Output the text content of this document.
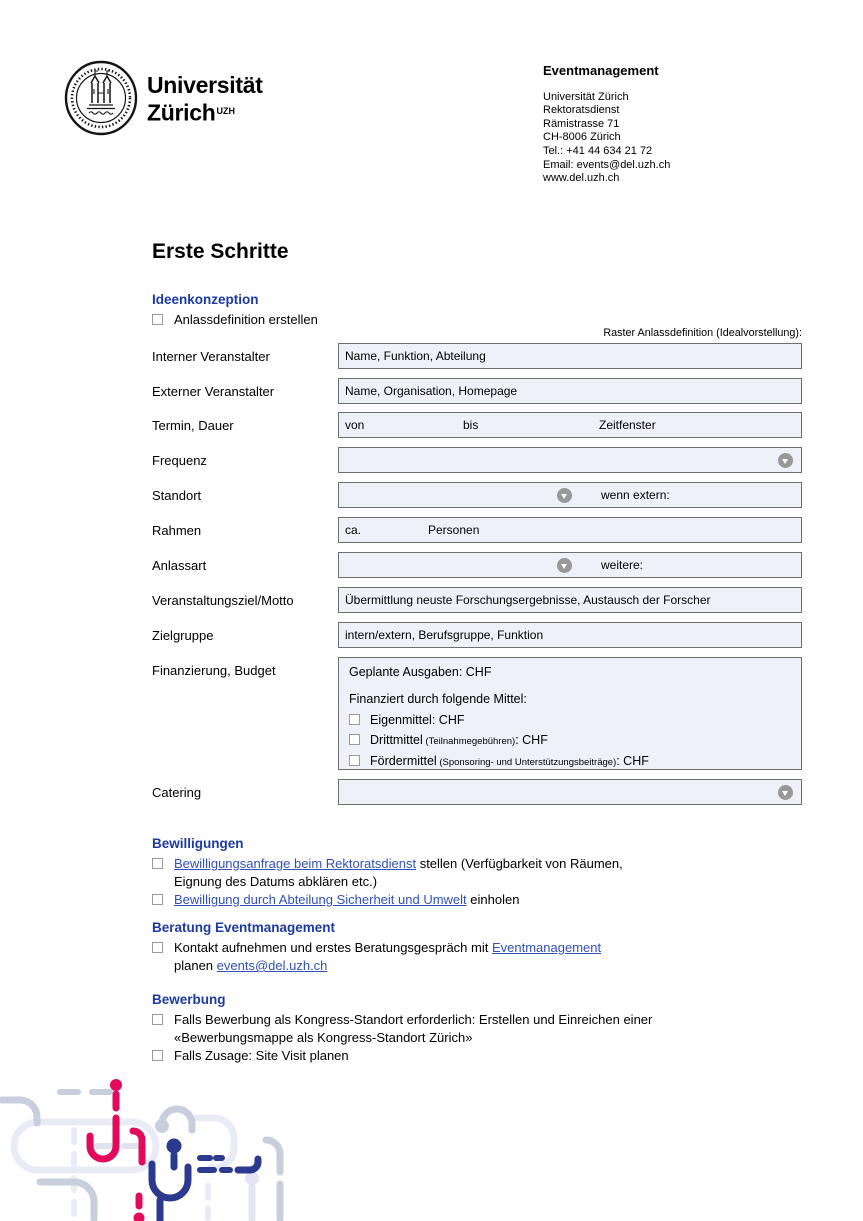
Universität
Zürich$^{UZH}$

Eventmanagement

Universität Zürich
Rektoratsdienst
Rämistrasse 71
CH-8006 Zürich
Tel.: +41 44 634 21 72
Email: events@del.uzh.ch
www.del.uzh.ch
Erste Schritte
Ideenkonzeption
Anlassdefinition erstellen
Raster Anlassdefinition (Idealvorstellung):
Interner Veranstalter	Name, Funktion, Abteilung
Externer Veranstalter	Name, Organisation, Homepage
Termin, Dauer	von	bis	Zeitfenster
Frequenz
Standort	wenn extern:
Rahmen	ca.	Personen
Anlassart	weitere:
Veranstaltungsziel/Motto	Übermittlung neuste Forschungsergebnisse, Austausch der Forscher
Zielgruppe	intern/extern, Berufsgruppe, Funktion
Finanzierung, Budget	Geplante Ausgaben: CHF

Finanziert durch folgende Mittel:

Eigenmittel: CHF
Drittmittel (Teilnahmegebühren): CHF
Fördermittel (Sponsoring- und Unterstützungsbeiträge): CHF
Catering
Bewilligungen
Bewilligungsanfrage beim Rektoratsdienst stellen (Verfügbarkeit von Räumen,
Eignung des Datums abklären etc.)
Bewilligung durch Abteilung Sicherheit und Umwelt einholen
Beratung Eventmanagement
Kontakt aufnehmen und erstes Beratungsgespräch mit Eventmanagement
planen events@del.uzh.ch
Bewerbung
Falls Bewerbung als Kongress-Standort erforderlich: Erstellen und Einreichen einer
«Bewerbungsmappe als Kongress-Standort Zürich»
Falls Zusage: Site Visit planen
